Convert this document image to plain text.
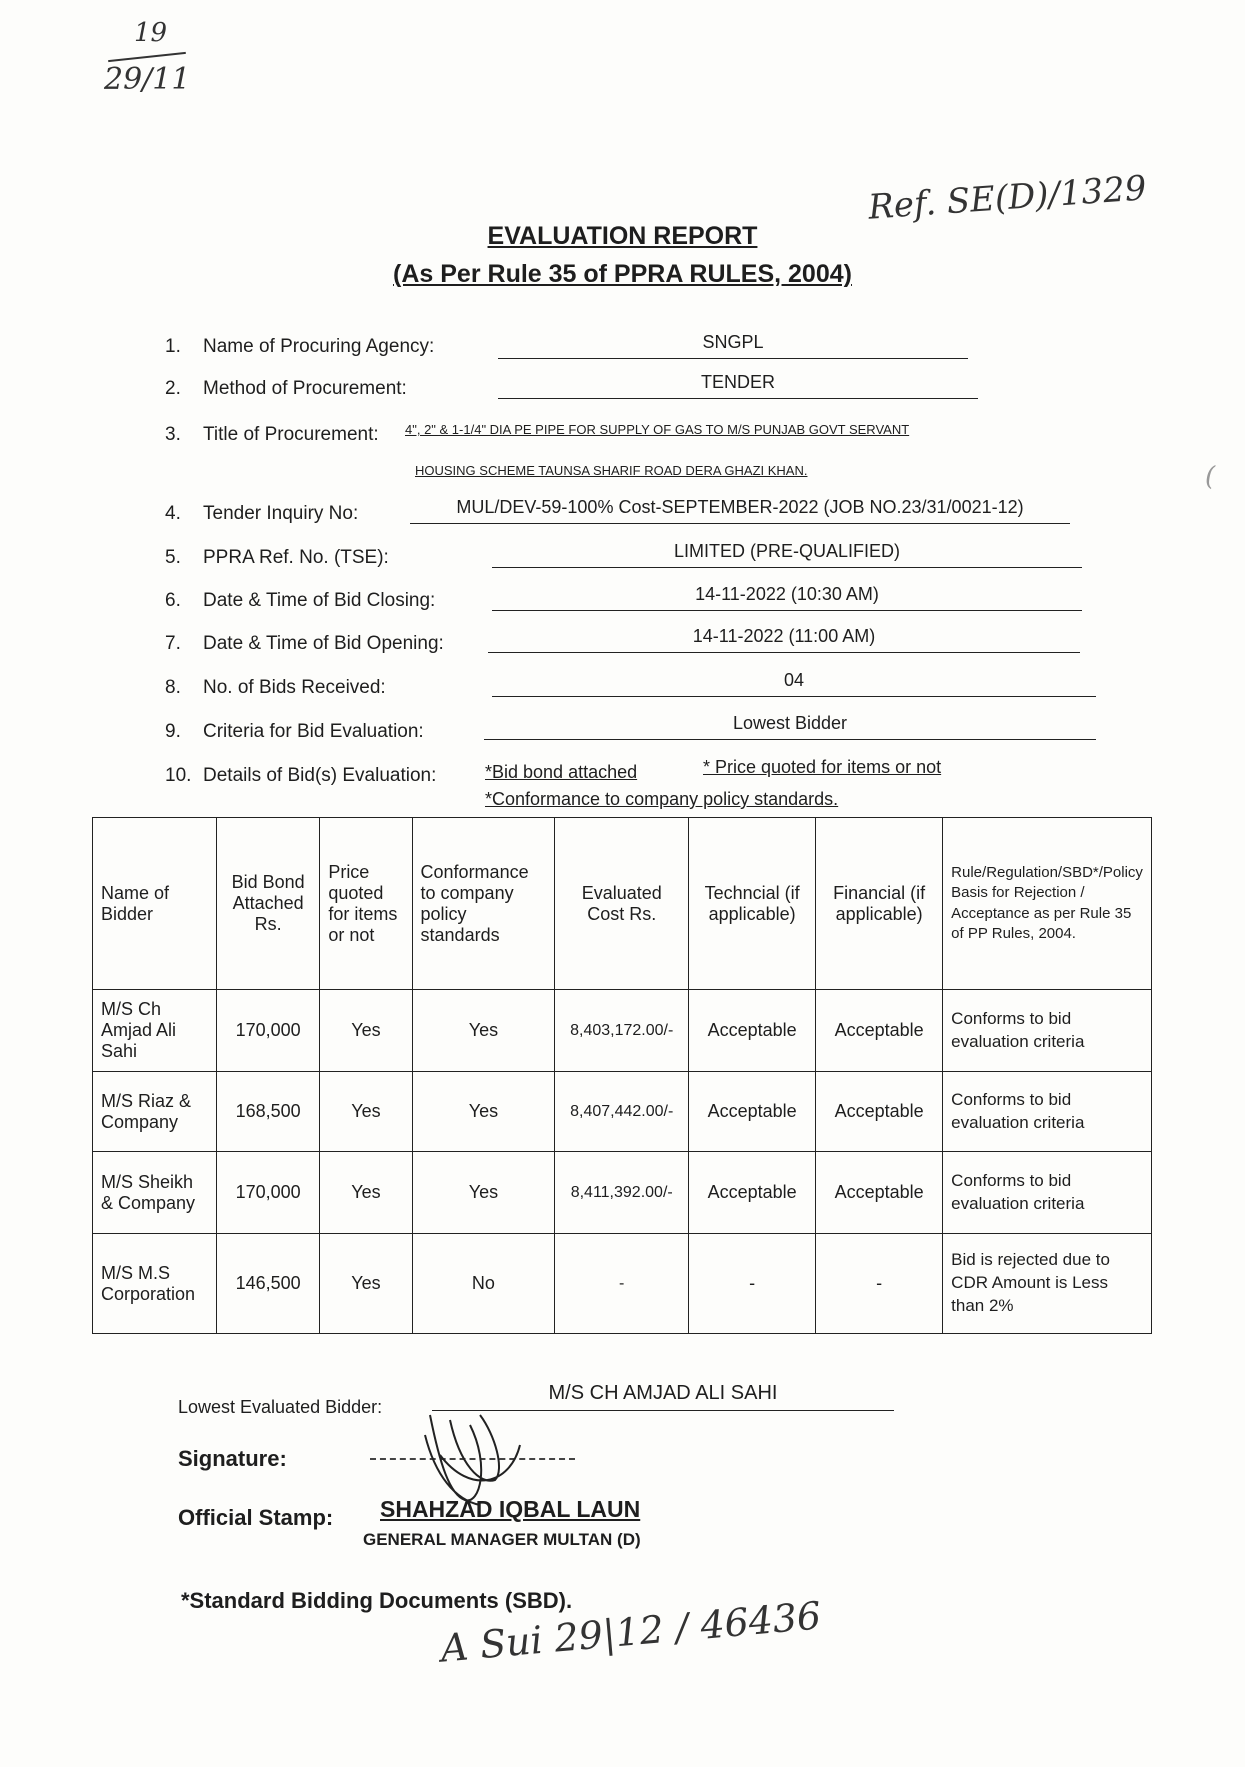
19
29/11
Ref. SE(D)/1329
(
EVALUATION REPORT
(As Per Rule 35 of PPRA RULES, 2004)
1. Name of Procuring Agency:	SNGPL
2. Method of Procurement:	TENDER
3. Title of Procurement: 4", 2" & 1-1/4" DIA PE PIPE FOR SUPPLY OF GAS TO M/S PUNJAB GOVT SERVANT
HOUSING SCHEME TAUNSA SHARIF ROAD DERA GHAZI KHAN.
4. Tender Inquiry No:	MUL/DEV-59-100% Cost-SEPTEMBER-2022 (JOB NO.23/31/0021-12)
5. PPRA Ref. No. (TSE):	LIMITED (PRE-QUALIFIED)
6. Date & Time of Bid Closing:	14-11-2022 (10:30 AM)
7. Date & Time of Bid Opening:	14-11-2022 (11:00 AM)
8. No. of Bids Received:	04
9. Criteria for Bid Evaluation:	Lowest Bidder
10. Details of Bid(s) Evaluation:	*Bid bond attached	* Price quoted for items or not
*Conformance to company policy standards.
Name of Bidder	Bid Bond Attached Rs.	Price quoted for items or not	Conformance to company policy standards	Evaluated Cost Rs.	Techncial (if applicable)	Financial (if applicable)	Rule/Regulation/SBD*/Policy Basis for Rejection / Acceptance as per Rule 35 of PP Rules, 2004.
M/S Ch Amjad Ali Sahi	170,000	Yes	Yes	8,403,172.00/-	Acceptable	Acceptable	Conforms to bid evaluation criteria
M/S Riaz & Company	168,500	Yes	Yes	8,407,442.00/-	Acceptable	Acceptable	Conforms to bid evaluation criteria
M/S Sheikh & Company	170,000	Yes	Yes	8,411,392.00/-	Acceptable	Acceptable	Conforms to bid evaluation criteria
M/S M.S Corporation	146,500	Yes	No	-	-	-	Bid is rejected due to CDR Amount is Less than 2%
Lowest Evaluated Bidder:
M/S CH AMJAD ALI SAHI
Signature:
Official Stamp: SHAHZAD IQBAL LAUN
GENERAL MANAGER MULTAN (D)
*Standard Bidding Documents (SBD).
A Sui 29|12 / 46436
